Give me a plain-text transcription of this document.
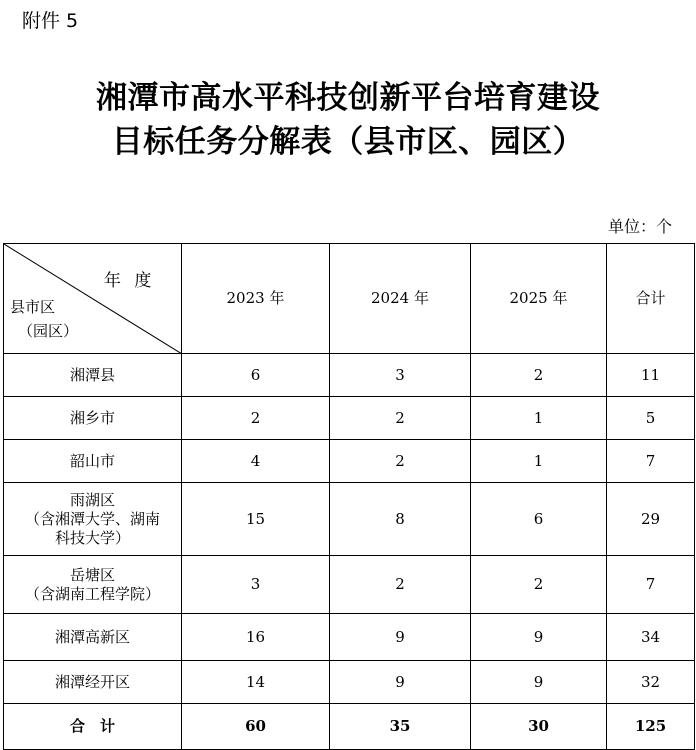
附件 5
湘潭市高水平科技创新平台培育建设
目标任务分解表（县市区、园区）
单位：个
年 度
县市区
（园区）	2023 年	2024 年	2025 年	合计

湘潭县	6	3	2	11

湘乡市	2	2	1	5

韶山市	4	2	1	7

雨湖区
（含湘潭大学、湖南
科技大学）	15	8	6	29

岳塘区
（含湖南工程学院）	3	2	2	7

湘潭高新区	16	9	9	34

湘潭经开区	14	9	9	32
合　计	60	35	30	125
